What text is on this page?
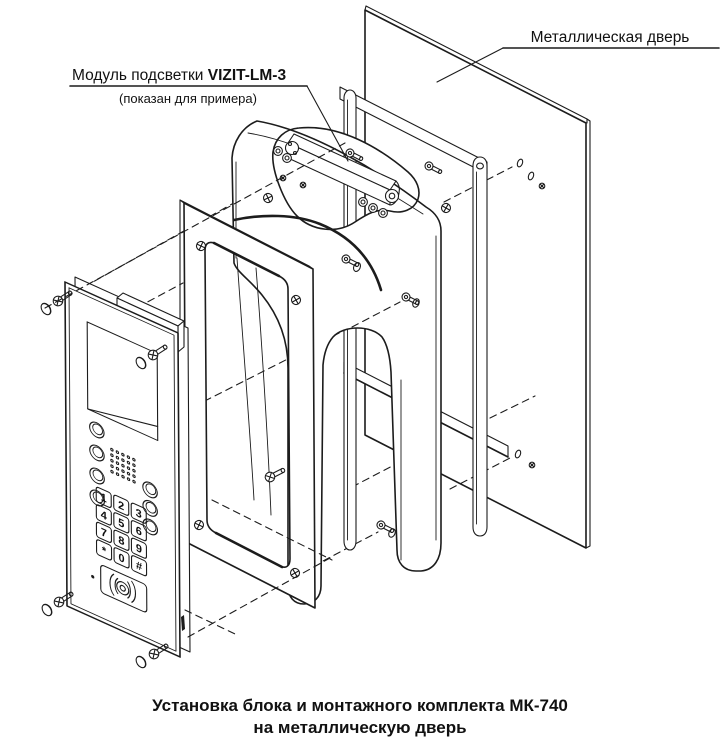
1
2
3
4
5
6
7
8
9
*
0
#
Модуль подсветки VIZIT-LM-3
(показан для примера)
Металлическая дверь
Установка блока и монтажного комплекта МК-740
на металлическую дверь
